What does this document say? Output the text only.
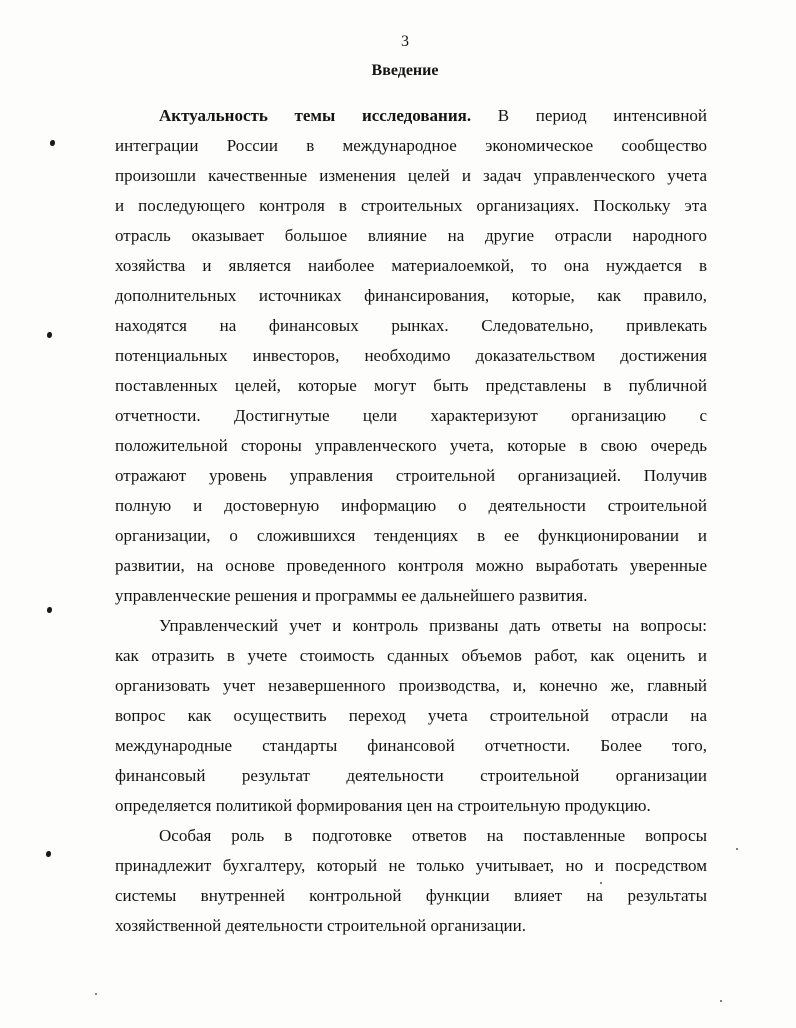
3
Введение
Актуальность темы исследования. В период интенсивной
интеграции России в международное экономическое сообщество
произошли качественные изменения целей и задач управленческого учета
и последующего контроля в строительных организациях. Поскольку эта
отрасль оказывает большое влияние на другие отрасли народного
хозяйства и является наиболее материалоемкой, то она нуждается в
дополнительных источниках финансирования, которые, как правило,
находятся на финансовых рынках. Следовательно, привлекать
потенциальных инвесторов, необходимо доказательством достижения
поставленных целей, которые могут быть представлены в публичной
отчетности. Достигнутые цели характеризуют организацию с
положительной стороны управленческого учета, которые в свою очередь
отражают уровень управления строительной организацией. Получив
полную и достоверную информацию о деятельности строительной
организации, о сложившихся тенденциях в ее функционировании и
развитии, на основе проведенного контроля можно выработать уверенные
управленческие решения и программы ее дальнейшего развития.
Управленческий учет и контроль призваны дать ответы на вопросы:
как отразить в учете стоимость сданных объемов работ, как оценить и
организовать учет незавершенного производства, и, конечно же, главный
вопрос как осуществить переход учета строительной отрасли на
международные стандарты финансовой отчетности. Более того,
финансовый результат деятельности строительной организации
определяется политикой формирования цен на строительную продукцию.
Особая роль в подготовке ответов на поставленные вопросы
принадлежит бухгалтеру, который не только учитывает, но и посредством
системы внутренней контрольной функции влияет на результаты
хозяйственной деятельности строительной организации.
